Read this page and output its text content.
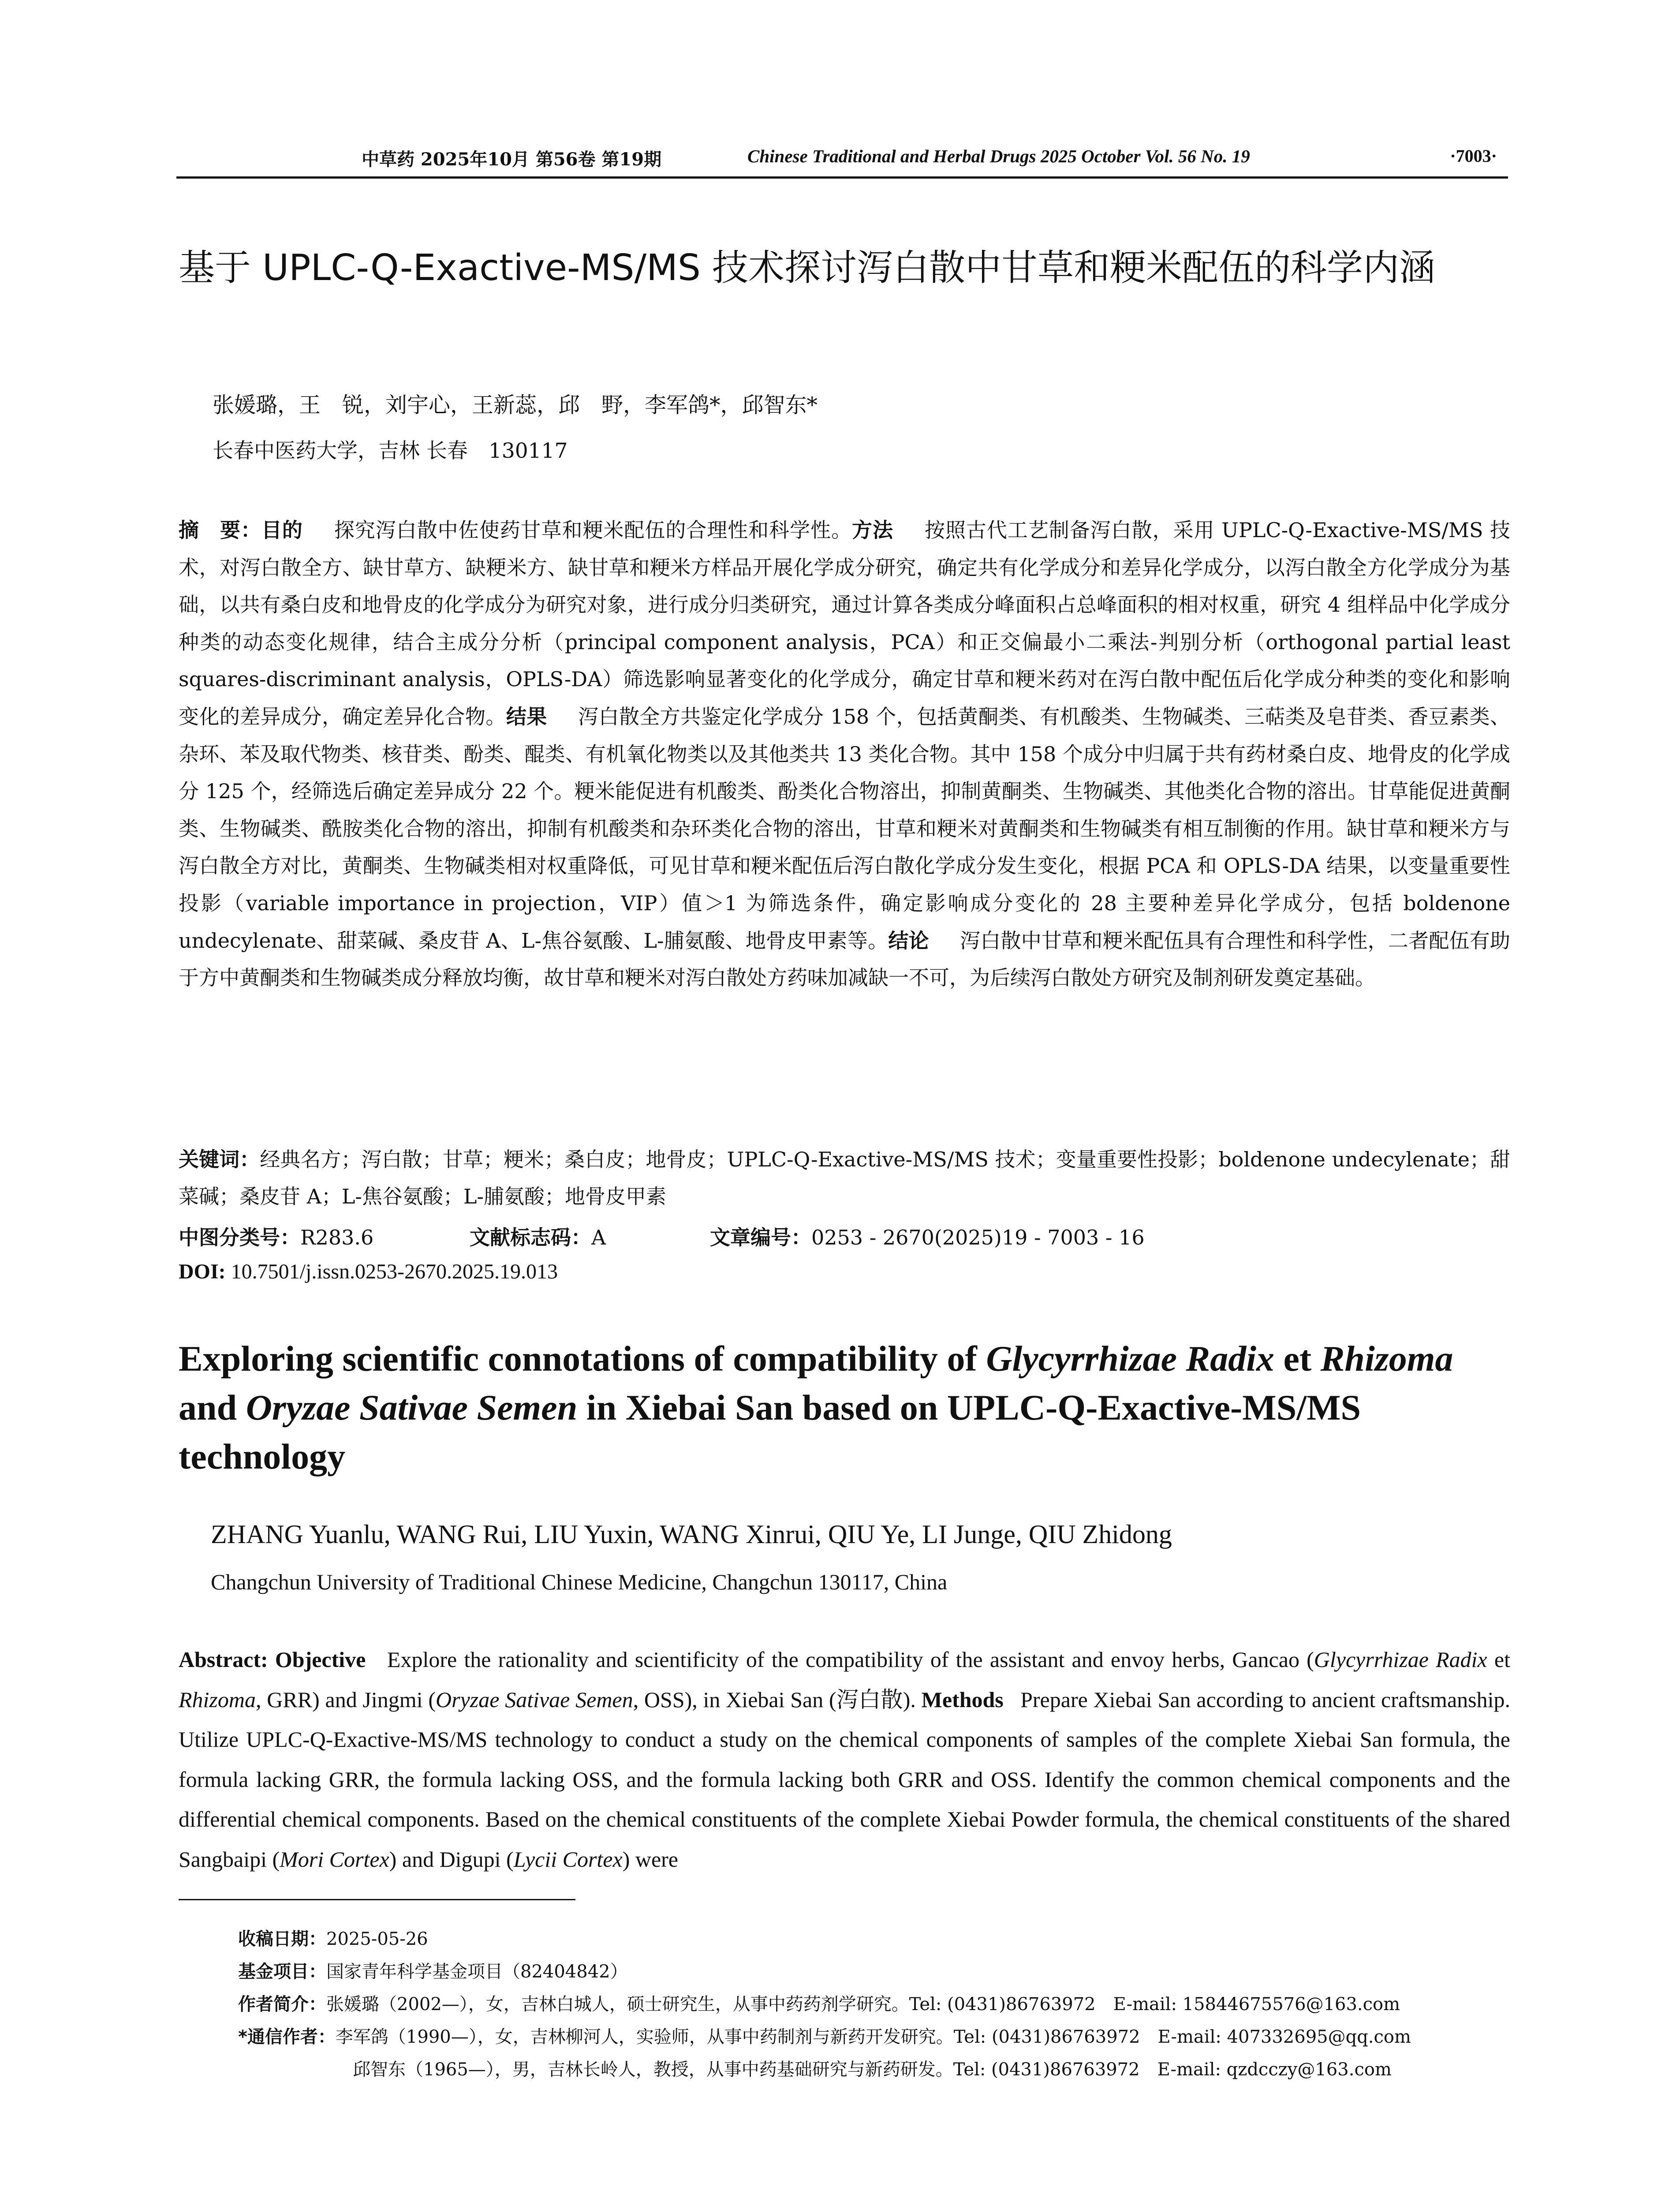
中草药 2025年10月 第56卷 第19期	Chinese Traditional and Herbal Drugs 2025 October Vol. 56 No. 19	·7003·
基于 UPLC-Q-Exactive-MS/MS 技术探讨泻白散中甘草和粳米配伍的科学内涵
张媛璐，王　锐，刘宇心，王新蕊，邱　野，李军鸽*，邱智东*
长春中医药大学，吉林 长春　130117
摘　要：目的 探究泻白散中佐使药甘草和粳米配伍的合理性和科学性。方法 按照古代工艺制备泻白散，采用 UPLC-Q-Exactive-MS/MS 技术，对泻白散全方、缺甘草方、缺粳米方、缺甘草和粳米方样品开展化学成分研究，确定共有化学成分和差异化学成分，以泻白散全方化学成分为基础，以共有桑白皮和地骨皮的化学成分为研究对象，进行成分归类研究，通过计算各类成分峰面积占总峰面积的相对权重，研究 4 组样品中化学成分种类的动态变化规律，结合主成分分析（principal component analysis，PCA）和正交偏最小二乘法-判别分析（orthogonal partial least squares-discriminant analysis，OPLS-DA）筛选影响显著变化的化学成分，确定甘草和粳米药对在泻白散中配伍后化学成分种类的变化和影响变化的差异成分，确定差异化合物。结果 泻白散全方共鉴定化学成分 158 个，包括黄酮类、有机酸类、生物碱类、三萜类及皂苷类、香豆素类、杂环、苯及取代物类、核苷类、酚类、醌类、有机氧化物类以及其他类共 13 类化合物。其中 158 个成分中归属于共有药材桑白皮、地骨皮的化学成分 125 个，经筛选后确定差异成分 22 个。粳米能促进有机酸类、酚类化合物溶出，抑制黄酮类、生物碱类、其他类化合物的溶出。甘草能促进黄酮类、生物碱类、酰胺类化合物的溶出，抑制有机酸类和杂环类化合物的溶出，甘草和粳米对黄酮类和生物碱类有相互制衡的作用。缺甘草和粳米方与泻白散全方对比，黄酮类、生物碱类相对权重降低，可见甘草和粳米配伍后泻白散化学成分发生变化，根据 PCA 和 OPLS-DA 结果，以变量重要性投影（variable importance in projection，VIP）值＞1 为筛选条件，确定影响成分变化的 28 主要种差异化学成分，包括 boldenone undecylenate、甜菜碱、桑皮苷 A、L-焦谷氨酸、L-脯氨酸、地骨皮甲素等。结论 泻白散中甘草和粳米配伍具有合理性和科学性，二者配伍有助于方中黄酮类和生物碱类成分释放均衡，故甘草和粳米对泻白散处方药味加减缺一不可，为后续泻白散处方研究及制剂研发奠定基础。
关键词：经典名方；泻白散；甘草；粳米；桑白皮；地骨皮；UPLC-Q-Exactive-MS/MS 技术；变量重要性投影；boldenone undecylenate；甜菜碱；桑皮苷 A；L-焦谷氨酸；L-脯氨酸；地骨皮甲素
中图分类号：R283.6	文献标志码：A	文章编号：0253 - 2670(2025)19 - 7003 - 16
DOI: 10.7501/j.issn.0253-2670.2025.19.013
Exploring scientific connotations of compatibility of Glycyrrhizae Radix et Rhizoma and Oryzae Sativae Semen in Xiebai San based on UPLC-Q-Exactive-MS/MS technology
ZHANG Yuanlu, WANG Rui, LIU Yuxin, WANG Xinrui, QIU Ye, LI Junge, QIU Zhidong
Changchun University of Traditional Chinese Medicine, Changchun 130117, China
Abstract: Objective Explore the rationality and scientificity of the compatibility of the assistant and envoy herbs, Gancao (Glycyrrhizae Radix et Rhizoma, GRR) and Jingmi (Oryzae Sativae Semen, OSS), in Xiebai San (泻白散). Methods Prepare Xiebai San according to ancient craftsmanship. Utilize UPLC-Q-Exactive-MS/MS technology to conduct a study on the chemical components of samples of the complete Xiebai San formula, the formula lacking GRR, the formula lacking OSS, and the formula lacking both GRR and OSS. Identify the common chemical components and the differential chemical components. Based on the chemical constituents of the complete Xiebai Powder formula, the chemical constituents of the shared Sangbaipi (Mori Cortex) and Digupi (Lycii Cortex) were
收稿日期：2025-05-26
基金项目：国家青年科学基金项目（82404842）
作者简介：张媛璐（2002—），女，吉林白城人，硕士研究生，从事中药药剂学研究。Tel: (0431)86763972　E-mail: 15844675576@163.com
*通信作者：李军鸽（1990—），女，吉林柳河人，实验师，从事中药制剂与新药开发研究。Tel: (0431)86763972　E-mail: 407332695@qq.com
邱智东（1965—），男，吉林长岭人，教授，从事中药基础研究与新药研发。Tel: (0431)86763972　E-mail: qzdcczy@163.com
